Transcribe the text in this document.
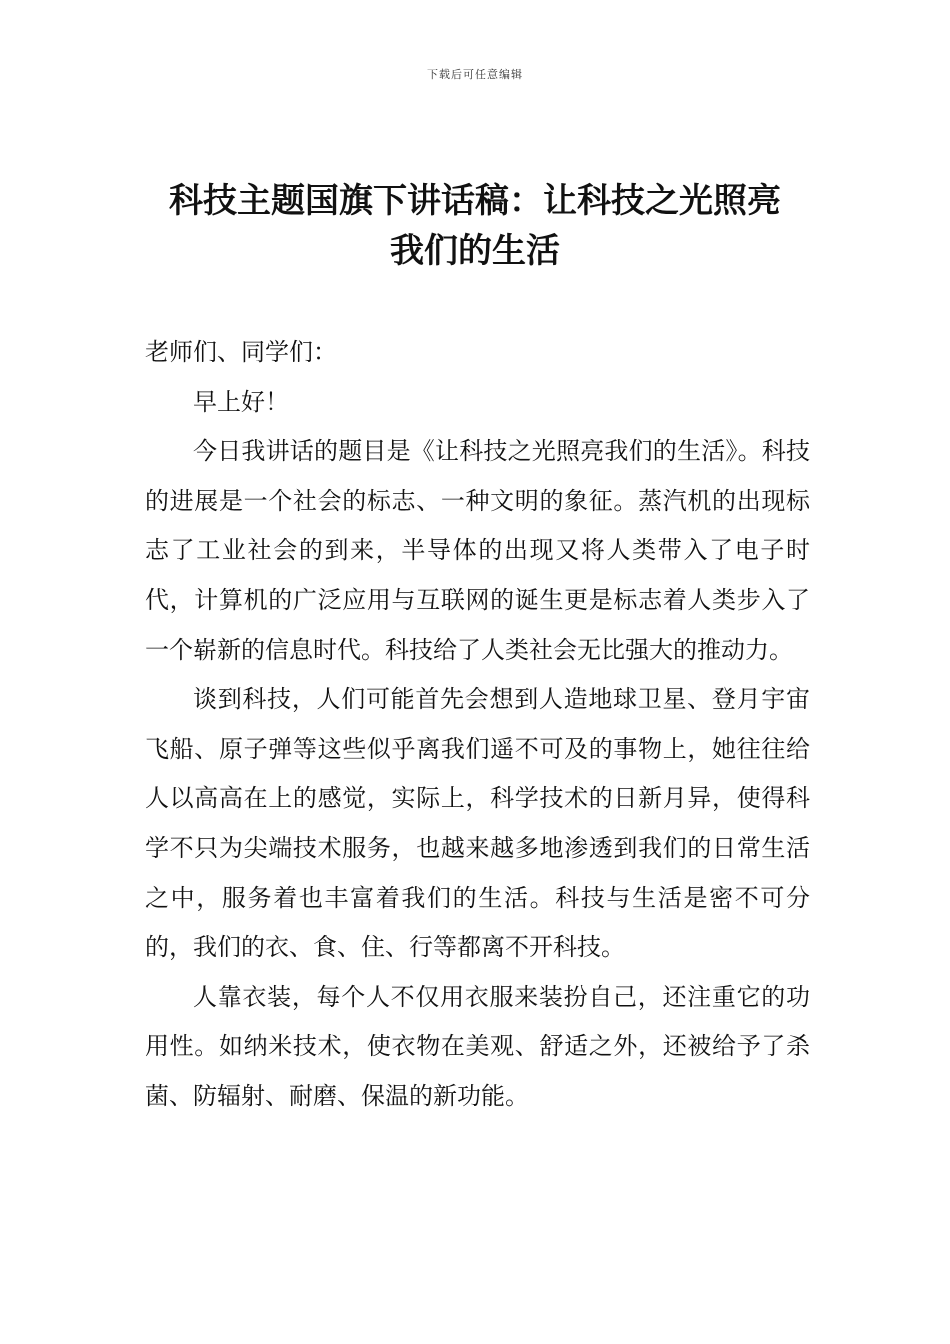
下载后可任意编辑
科技主题国旗下讲话稿：让科技之光照亮
我们的生活

老师们、同学们：

早上好！

今日我讲话的题目是《让科技之光照亮我们的生活》。科技的进展是一个社会的标志、一种文明的象征。蒸汽机的出现标志了工业社会的到来，半导体的出现又将人类带入了电子时代，计算机的广泛应用与互联网的诞生更是标志着人类步入了一个崭新的信息时代。科技给了人类社会无比强大的推动力。

谈到科技，人们可能首先会想到人造地球卫星、登月宇宙飞船、原子弹等这些似乎离我们遥不可及的事物上，她往往给人以高高在上的感觉，实际上，科学技术的日新月异，使得科学不只为尖端技术服务，也越来越多地渗透到我们的日常生活之中，服务着也丰富着我们的生活。科技与生活是密不可分的，我们的衣、食、住、行等都离不开科技。

人靠衣装，每个人不仅用衣服来装扮自己，还注重它的功用性。如纳米技术，使衣物在美观、舒适之外，还被给予了杀菌、防辐射、耐磨、保温的新功能。
